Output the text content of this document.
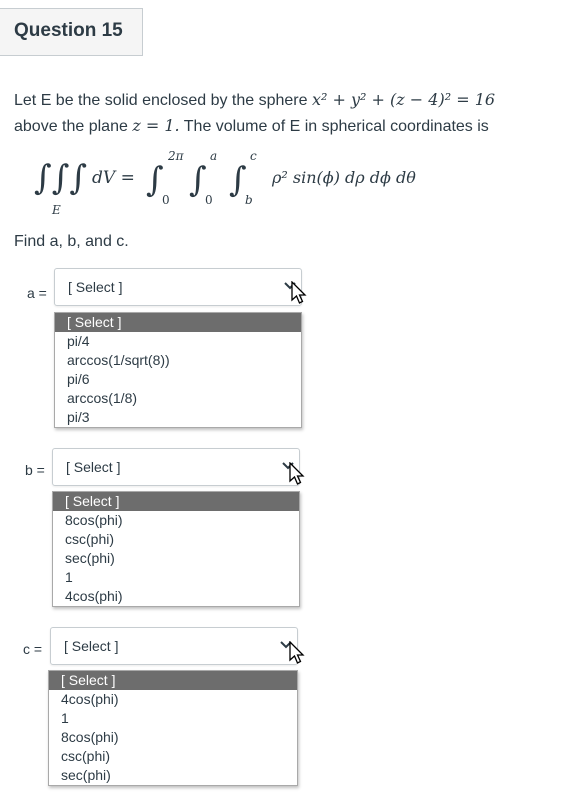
Question 15
Let E be the solid enclosed by the sphere x² + y² + (z − 4)² = 16
above the plane z = 1. The volume of E in spherical coordinates is
∫∫∫
E
dV = ∫
2π
0 ∫
a
0 ∫
c
b
ρ² sin(ϕ) dρ dϕ dθ
Find a, b, and c.
a = [ Select ]
[ Select ]
pi/4
arccos(1/sqrt(8))
pi/6
arccos(1/8)
pi/3
b = [ Select ]
[ Select ]
8cos(phi)
csc(phi)
sec(phi)
1
4cos(phi)
c = [ Select ]
[ Select ]
4cos(phi)
1
8cos(phi)
csc(phi)
sec(phi)
